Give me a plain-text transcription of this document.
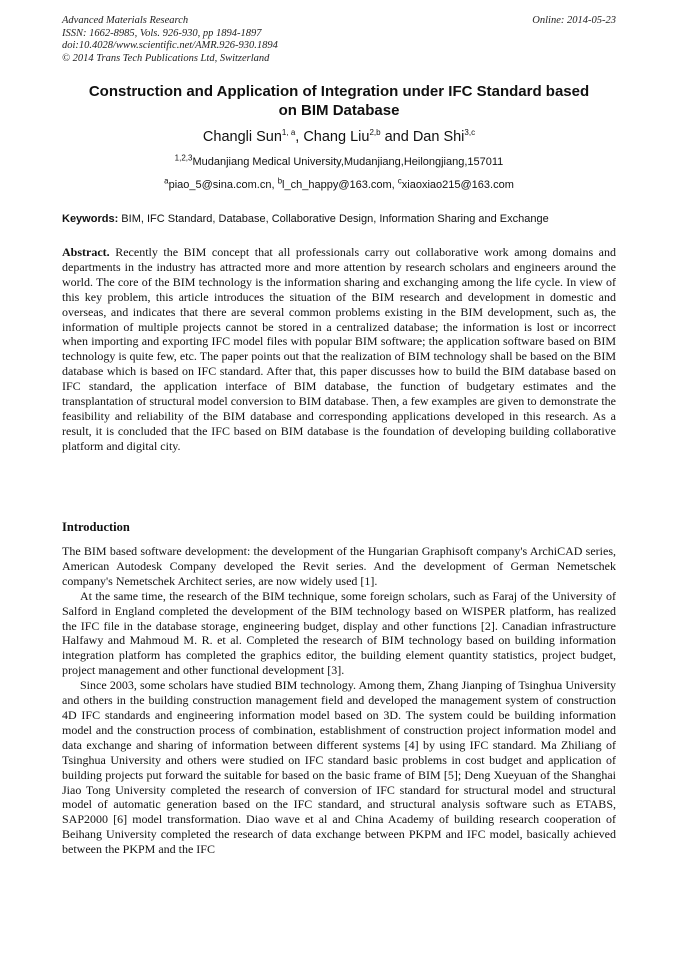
Advanced Materials Research
ISSN: 1662-8985, Vols. 926-930, pp 1894-1897
doi:10.4028/www.scientific.net/AMR.926-930.1894
© 2014 Trans Tech Publications Ltd, Switzerland
Online: 2014-05-23
Construction and Application of Integration under IFC Standard based
on BIM Database
Changli Sun$^{1, a}$, Chang Liu$^{2,b}$ and Dan Shi$^{3,c}$
$^{1,2,3}$Mudanjiang Medical University,Mudanjiang,Heilongjiang,157011
$^a$piao_5@sina.com.cn, $^b$l_ch_happy@163.com, $^c$xiaoxiao215@163.com
Keywords: BIM, IFC Standard, Database, Collaborative Design, Information Sharing and Exchange
Abstract. Recently the BIM concept that all professionals carry out collaborative work among domains and departments in the industry has attracted more and more attention by research scholars and engineers around the world. The core of the BIM technology is the information sharing and exchanging among the life cycle. In view of this key problem, this article introduces the situation of the BIM research and development in domestic and overseas, and indicates that there are several common problems existing in the BIM development, such as, the information of multiple projects cannot be stored in a centralized database; the information is lost or incorrect when importing and exporting IFC model files with popular BIM software; the application software based on BIM technology is quite few, etc. The paper points out that the realization of BIM technology shall be based on the BIM database which is based on IFC standard. After that, this paper discusses how to build the BIM database based on IFC standard, the application interface of BIM database, the function of budgetary estimates and the transplantation of structural model conversion to BIM database. Then, a few examples are given to demonstrate the feasibility and reliability of the BIM database and corresponding applications developed in this research. As a result, it is concluded that the IFC based on BIM database is the foundation of developing building collaborative platform and digital city.
Introduction

The BIM based software development: the development of the Hungarian Graphisoft company's ArchiCAD series, American Autodesk Company developed the Revit series. And the development of German Nemetschek company's Nemetschek Architect series, are now widely used [1].

At the same time, the research of the BIM technique, some foreign scholars, such as Faraj of the University of Salford in England completed the development of the BIM technology based on WISPER platform, has realized the IFC file in the database storage, engineering budget, display and other functions [2]. Canadian infrastructure Halfawy and Mahmoud M. R. et al. Completed the research of BIM technology based on building information integration platform has completed the graphics editor, the building element quantity statistics, project budget, project management and other functional development [3].

Since 2003, some scholars have studied BIM technology. Among them, Zhang Jianping of Tsinghua University and others in the building construction management field and developed the management system of construction 4D IFC standards and engineering information model based on 3D. The system could be building information model and the construction process of combination, establishment of construction project information model and data exchange and sharing of information between different systems [4] by using IFC standard. Ma Zhiliang of Tsinghua University and others were studied on IFC standard basic problems in cost budget and application of building projects put forward the suitable for based on the basic frame of BIM [5]; Deng Xueyuan of the Shanghai Jiao Tong University completed the research of conversion of IFC standard for structural model and structural model of automatic generation based on the IFC standard, and structural analysis software such as ETABS, SAP2000 [6] model transformation. Diao wave et al and China Academy of building research cooperation of Beihang University completed the research of data exchange between PKPM and IFC model, basically achieved between the PKPM and the IFC
